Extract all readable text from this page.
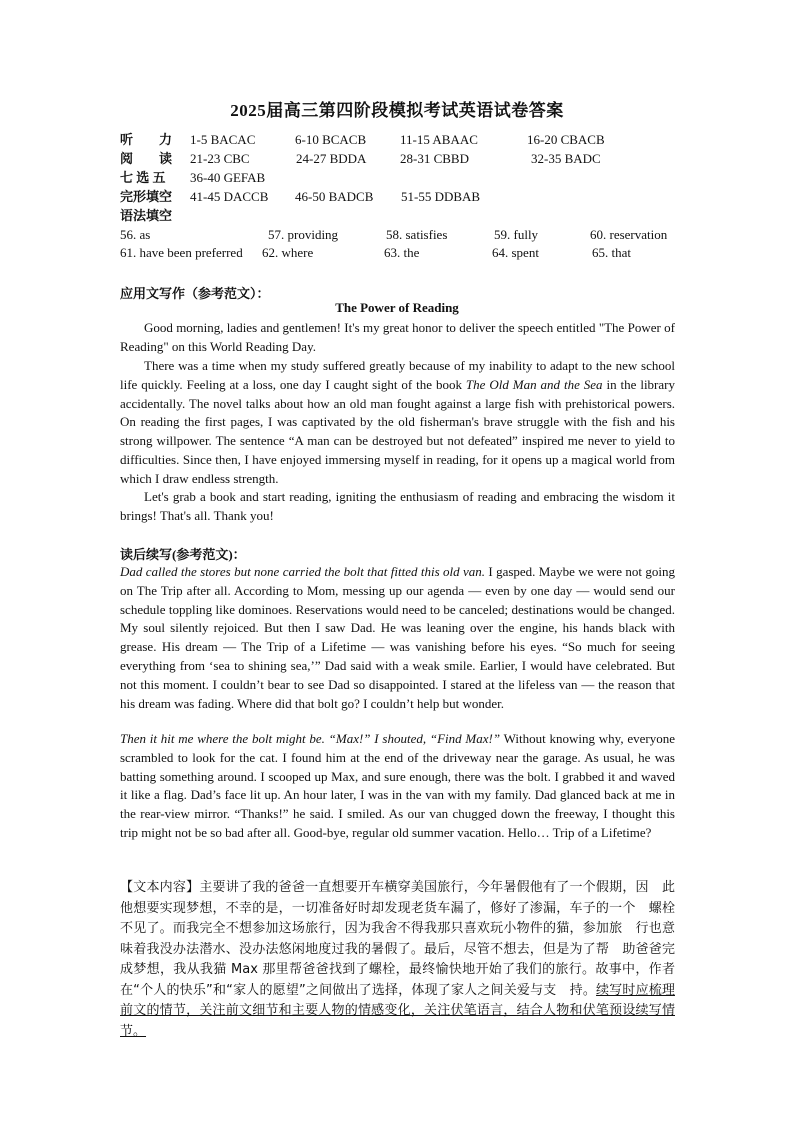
2025届高三第四阶段模拟考试英语试卷答案
听　　力 1-5 BACAC	6-10 BCACB	11-15 ABAAC	16-20 CBACB
阅　　读 21-23 CBC	24-27 BDDA	28-31 CBBD	32-35 BADC
七 选 五 36-40 GEFAB
完形填空 41-45 DACCB 46-50 BADCB 51-55 DDBAB
语法填空
56. as	57. providing	58. satisfies	59. fully	60. reservation
61. have been preferred 62. where	63. the	64. spent	65. that
应用文写作（参考范文）：
The Power of Reading

Good morning, ladies and gentlemen! It's my great honor to deliver the speech entitled "The Power of Reading" on this World Reading Day.

There was a time when my study suffered greatly because of my inability to adapt to the new school life quickly. Feeling at a loss, one day I caught sight of the book The Old Man and the Sea in the library accidentally. The novel talks about how an old man fought against a large fish with prehistorical powers. On reading the first pages, I was captivated by the old fisherman's brave struggle with the fish and his strong willpower. The sentence “A man can be destroyed but not defeated” inspired me never to yield to difficulties. Since then, I have enjoyed immersing myself in reading, for it opens up a magical world from which I draw endless strength.

Let's grab a book and start reading, igniting the enthusiasm of reading and embracing the wisdom it brings! That's all. Thank you!

读后续写(参考范文)：

Dad called the stores but none carried the bolt that fitted this old van. I gasped. Maybe we were not going on The Trip after all. According to Mom, messing up our agenda — even by one day — would send our schedule toppling like dominoes. Reservations would need to be canceled; destinations would be changed. My soul silently rejoiced. But then I saw Dad. He was leaning over the engine, his hands black with grease. His dream — The Trip of a Lifetime — was vanishing before his eyes. “So much for seeing everything from ‘sea to shining sea,’” Dad said with a weak smile. Earlier, I would have celebrated. But not this moment. I couldn’t bear to see Dad so disappointed. I stared at the lifeless van — the reason that his dream was fading. Where did that bolt go? I couldn’t help but wonder.

Then it hit me where the bolt might be. “Max!” I shouted, “Find Max!” Without knowing why, everyone scrambled to look for the cat. I found him at the end of the driveway near the garage. As usual, he was batting something around. I scooped up Max, and sure enough, there was the bolt. I grabbed it and waved it like a flag. Dad’s face lit up. An hour later, I was in the van with my family. Dad glanced back at me in the rear-view mirror. “Thanks!” he said. I smiled. As our van chugged down the freeway, I thought this trip might not be so bad after all. Good-bye, regular old summer vacation. Hello… Trip of a Lifetime?

【文本内容】主要讲了我的爸爸一直想要开车横穿美国旅行，今年暑假他有了一个假期，因　此他想要实现梦想，不幸的是，一切准备好时却发现老货车漏了，修好了渗漏，车子的一个　螺栓不见了。而我完全不想参加这场旅行，因为我舍不得我那只喜欢玩小物件的猫，参加旅　行也意味着我没办法潜水、没办法悠闲地度过我的暑假了。最后，尽管不想去，但是为了帮　助爸爸完成梦想，我从我猫 Max 那里帮爸爸找到了螺栓，最终愉快地开始了我们的旅行。故事中，作者在“个人的快乐”和“家人的愿望”之间做出了选择，体现了家人之间关爱与支　持。续写时应梳理前文的情节，关注前文细节和主要人物的情感变化，关注伏笔语言，结合人物和伏笔预设续写情节。
